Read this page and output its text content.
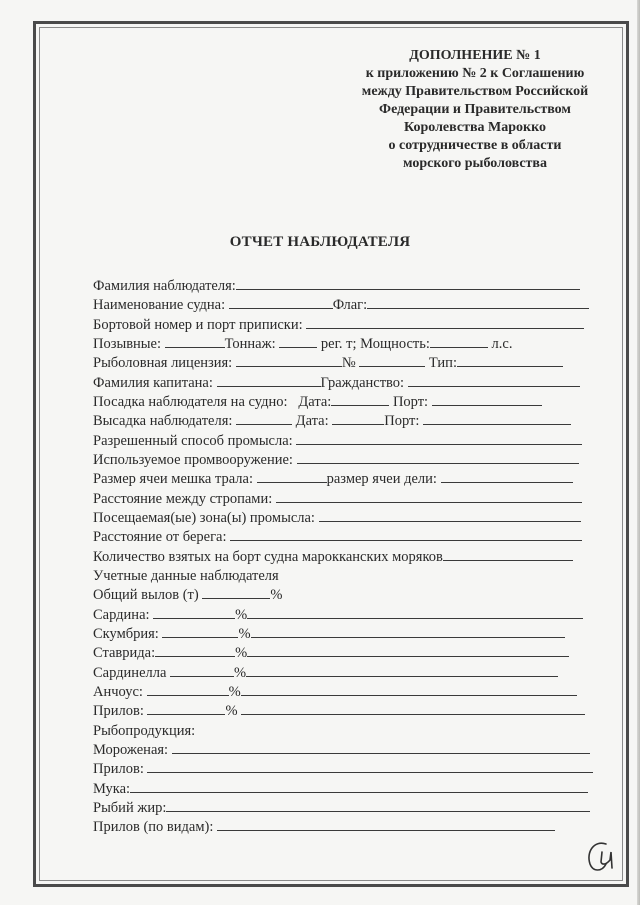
ДОПОЛНЕНИЕ № 1
к приложению № 2 к Соглашению
между Правительством Российской
Федерации и Правительством
Королевства Марокко
о сотрудничестве в области
морского рыболовства
ОТЧЕТ НАБЛЮДАТЕЛЯ
Фамилия наблюдателя:
Наименование судна:	Флаг:
Бортовой номер и порт приписки:
Позывные:	Тоннаж:	рег. т; Мощность:	л.с.
Рыболовная лицензия:	№	Тип:
Фамилия капитана:	Гражданство:
Посадка наблюдателя на судно: Дата:	Порт:
Высадка наблюдателя:	Дата:	Порт:
Разрешенный способ промысла:
Используемое промвооружение:
Размер ячеи мешка трала:	размер ячеи дели:
Расстояние между стропами:
Посещаемая(ые) зона(ы) промысла:
Расстояние от берега:
Количество взятых на борт судна марокканских моряков
Учетные данные наблюдателя
Общий вылов (т)	%
Сардина:	%
Скумбрия:	%
Ставрида:	%
Сардинелла	%
Анчоус:	%
Прилов:	%
Рыбопродукция:
Мороженая:
Прилов:
Мука:
Рыбий жир:
Прилов (по видам):
